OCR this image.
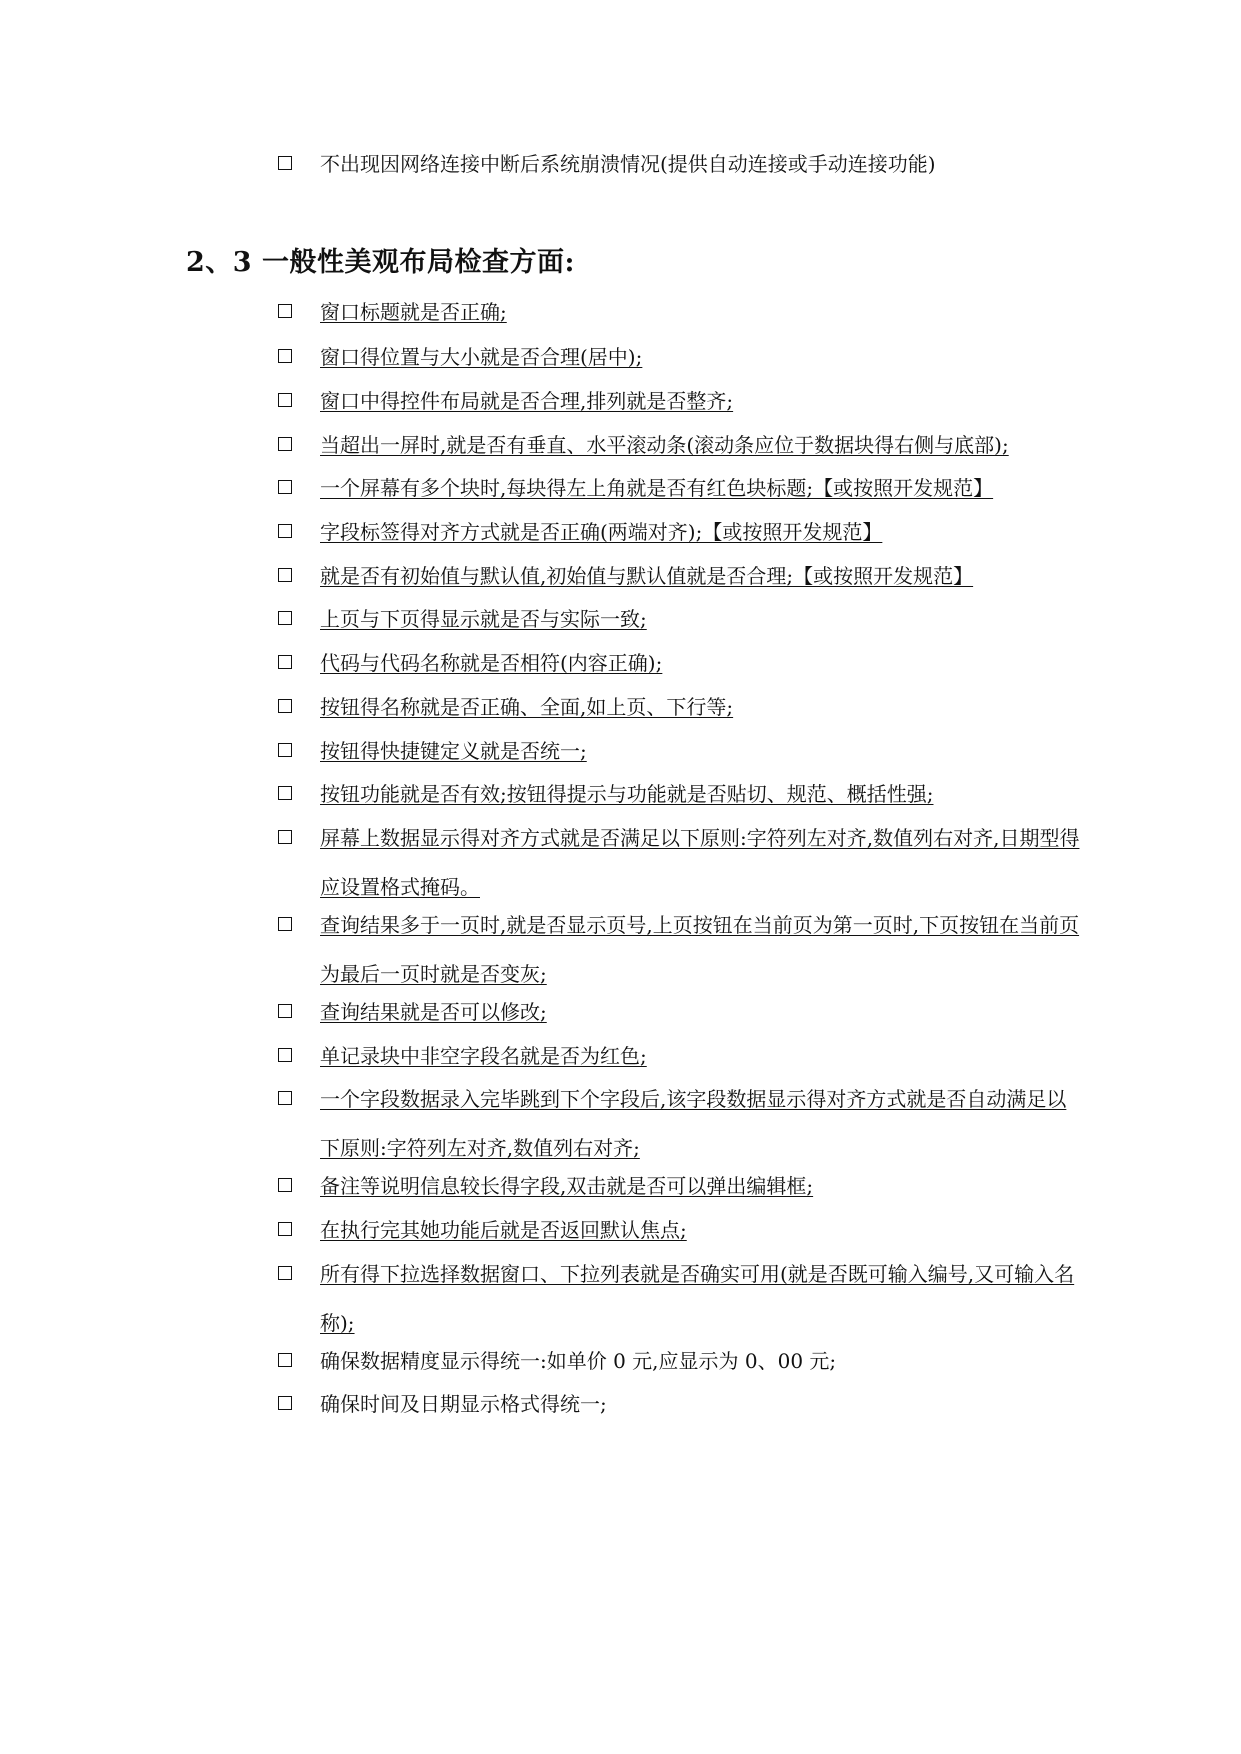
不出现因网络连接中断后系统崩溃情况(提供自动连接或手动连接功能)
2、3 一般性美观布局检查方面:
窗口标题就是否正确;
窗口得位置与大小就是否合理(居中);
窗口中得控件布局就是否合理,排列就是否整齐;
当超出一屏时,就是否有垂直、水平滚动条(滚动条应位于数据块得右侧与底部);
一个屏幕有多个块时,每块得左上角就是否有红色块标题;【或按照开发规范】
字段标签得对齐方式就是否正确(两端对齐);【或按照开发规范】
就是否有初始值与默认值,初始值与默认值就是否合理;【或按照开发规范】
上页与下页得显示就是否与实际一致;
代码与代码名称就是否相符(内容正确);
按钮得名称就是否正确、全面,如上页、下行等;
按钮得快捷键定义就是否统一;
按钮功能就是否有效;按钮得提示与功能就是否贴切、规范、概括性强;
屏幕上数据显示得对齐方式就是否满足以下原则:字符列左对齐,数值列右对齐,日期型得应设置格式掩码。
查询结果多于一页时,就是否显示页号,上页按钮在当前页为第一页时,下页按钮在当前页为最后一页时就是否变灰;
查询结果就是否可以修改;
单记录块中非空字段名就是否为红色;
一个字段数据录入完毕跳到下个字段后,该字段数据显示得对齐方式就是否自动满足以下原则:字符列左对齐,数值列右对齐;
备注等说明信息较长得字段,双击就是否可以弹出编辑框;
在执行完其她功能后就是否返回默认焦点;
所有得下拉选择数据窗口、下拉列表就是否确实可用(就是否既可输入编号,又可输入名称);
确保数据精度显示得统一:如单价 0 元,应显示为 0、00 元;
确保时间及日期显示格式得统一;
